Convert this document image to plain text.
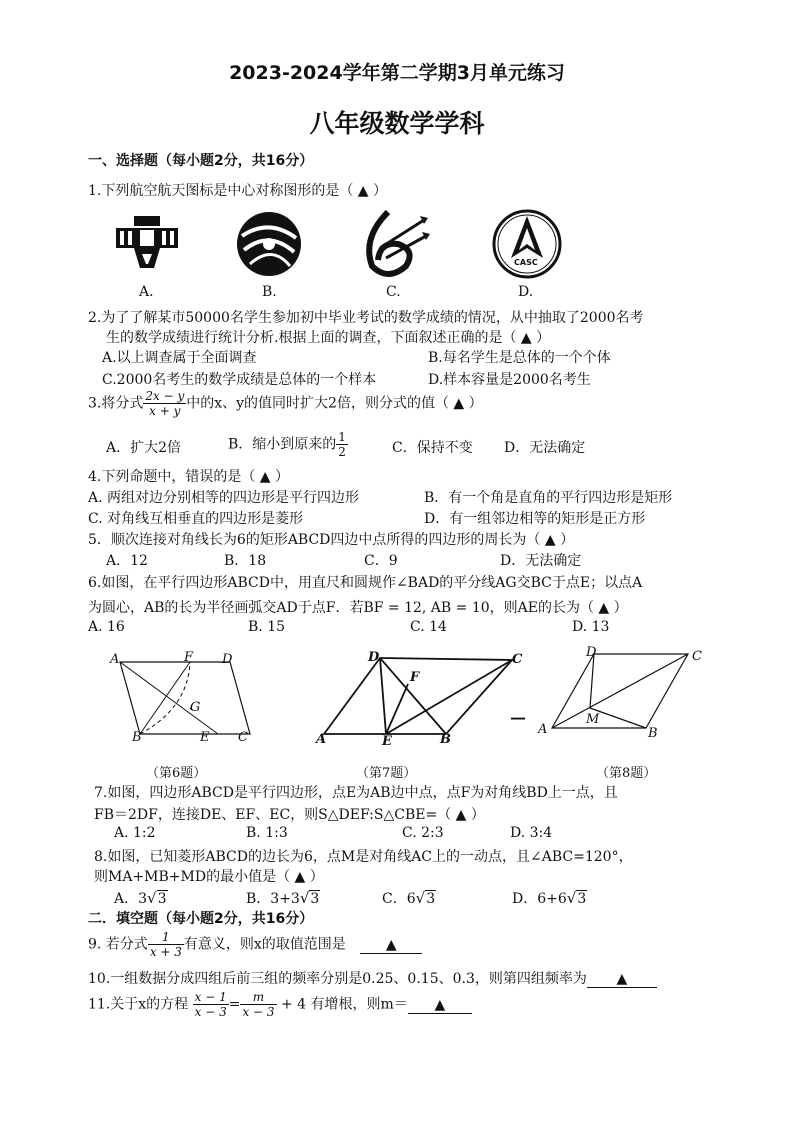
2023-2024学年第二学期3月单元练习
八年级数学学科
一、选择题（每小题2分，共16分）
1.下列航空航天图标是中心对称图形的是（ ▲ ）
CASC
A.	B.	C.	D.
2.为了了解某市50000名学生参加初中毕业考试的数学成绩的情况，从中抽取了2000名考
生的数学成绩进行统计分析.根据上面的调查，下面叙述正确的是（ ▲ ）
A.以上调查属于全面调查	B.每名学生是总体的一个个体
C.2000名考生的数学成绩是总体的一个样本	D.样本容量是2000名考生
3.将分式 $\frac{2x - y}{x + y}$ 中的x、y的值同时扩大2倍，则分式的值（ ▲ ）
A．扩大2倍	B．缩小到原来的 $\frac{1}{2}$	C．保持不变 D．无法确定
4.下列命题中，错误的是（ ▲ ）
A. 两组对边分别相等的四边形是平行四边形	B．有一个角是直角的平行四边形是矩形
C. 对角线互相垂直的四边形是菱形	D．有一组邻边相等的矩形是正方形
5．顺次连接对角线长为6的矩形ABCD四边中点所得的四边形的周长为（ ▲ ）
A．12	B．18	C．9	D．无法确定
6.如图，在平行四边形ABCD中，用直尺和圆规作∠BAD的平分线AG交BC于点E；以点A
为圆心，AB的长为半径画弧交AD于点F．若BF = 12, AB = 10，则AE的长为（ ▲ ）
A. 16	B. 15	C. 14	D. 13
A	F D
G
B	E C
D	C
F
A	E	B
—
D	C
M
A	B
（第6题）	（第7题）	（第8题）
7.如图，四边形ABCD是平行四边形，点E为AB边中点，点F为对角线BD上一点，且
FB＝2DF，连接DE、EF、EC，则S△DEF:S△CBE=（ ▲ ）
A. 1:2	B. 1:3	C. 2:3	D. 3:4
8.如图，已知菱形ABCD的边长为6，点M是对角线AC上的一动点，且∠ABC=120°，
则MA+MB+MD的最小值是（ ▲ ）
A．3√3	B．3+3√3	C．6√3	D．6+6√3
二．填空题（每小题2分，共16分）
9. 若分式 $\frac{1}{x + 3}$ 有意义，则x的取值范围是	▲
10.一组数据分成四组后前三组的频率分别是0.25、0.15、0.3，则第四组频率为 ▲
11.关于x的方程 $\frac{x - 1}{x - 3} = \frac{m}{x - 3} + 4$ 有增根，则m＝ ▲
